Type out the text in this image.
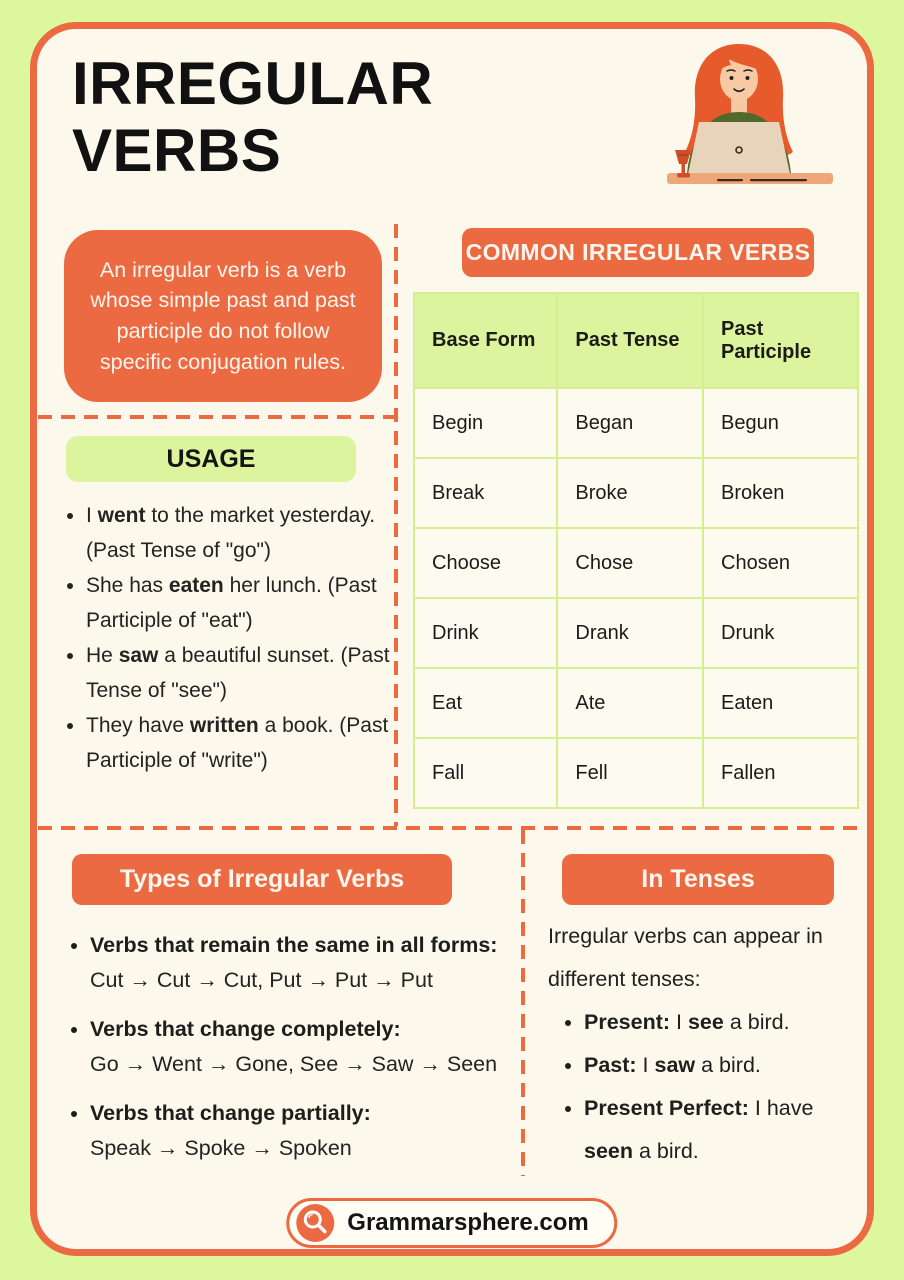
IRREGULAR
VERBS

An irregular verb is a verb whose simple past and past participle do not follow specific conjugation rules.

USAGE
• I went to the market yesterday. (Past Tense of "go")
• She has eaten her lunch. (Past Participle of "eat")
• He saw a beautiful sunset. (Past Tense of "see")
• They have written a book. (Past Participle of "write")
COMMON IRREGULAR VERBS
Base Form	Past Tense	Past Participle
Begin	Began	Begun
Break	Broke	Broken
Choose	Chose	Chosen
Drink	Drank	Drunk
Eat	Ate	Eaten
Fall	Fell	Fallen
Types of Irregular Verbs
• Verbs that remain the same in all forms:
Cut → Cut → Cut, Put → Put → Put
• Verbs that change completely:
Go → Went → Gone, See → Saw → Seen
• Verbs that change partially:
Speak → Spoke → Spoken
In Tenses

Irregular verbs can appear in different tenses:

• Present: I see a bird.
• Past: I saw a bird.
• Present Perfect: I have seen a bird.
Grammarsphere.com
